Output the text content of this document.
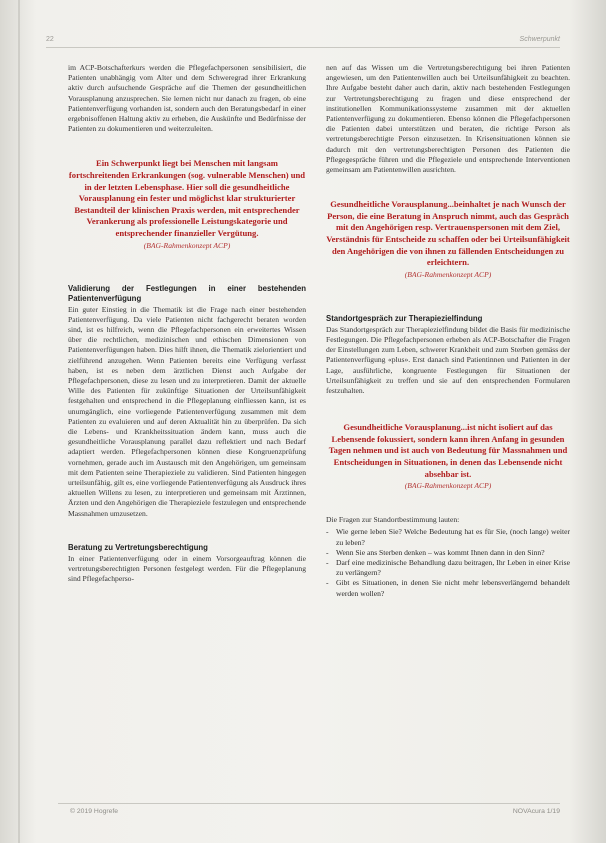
22	Schwerpunkt

im ACP-Botschafterkurs werden die Pflegefachpersonen sensibilisiert, die Patienten unabhängig vom Alter und dem Schweregrad ihrer Erkrankung aktiv durch aufsuchende Gespräche auf die Themen der gesundheitlichen Vorausplanung anzusprechen. Sie lernen nicht nur danach zu fragen, ob eine Patientenverfügung vorhanden ist, sondern auch den Beratungsbedarf in einer ergebnisoffenen Haltung aktiv zu erheben, die Auskünfte und Bedürfnisse der Patienten zu dokumentieren und weiterzuleiten.

Ein Schwerpunkt liegt bei Menschen mit langsam fortschreitenden Erkrankungen (sog. vulnerable Menschen) und in der letzten Lebensphase. Hier soll die gesundheitliche Vorausplanung ein fester und möglichst klar strukturierter Bestandteil der klinischen Praxis werden, mit entsprechender Verankerung als professionelle Leistungskategorie und entsprechender finanzieller Vergütung.
(BAG-Rahmenkonzept ACP)

Validierung der Festlegungen in einer bestehenden Patientenverfügung

Ein guter Einstieg in die Thematik ist die Frage nach einer bestehenden Patientenverfügung. Da viele Patienten nicht fachgerecht beraten worden sind, ist es hilfreich, wenn die Pflegefachpersonen ein erweitertes Wissen über die rechtlichen, medizinischen und ethischen Dimensionen von Patientenverfügungen haben. Dies hilft ihnen, die Thematik zielorientiert und zielführend anzugehen. Wenn Patienten bereits eine Verfügung verfasst haben, ist es neben dem ärztlichen Dienst auch Aufgabe der Pflegefachpersonen, diese zu lesen und zu interpretieren. Damit der aktuelle Wille des Patienten für zukünftige Situationen der Urteilsunfähigkeit festgehalten und entsprechend in die Pflegeplanung einfliessen kann, ist es unumgänglich, eine vorliegende Patientenverfügung zusammen mit dem Patienten zu evaluieren und auf deren Aktualität hin zu überprüfen. Da sich die Lebens- und Krankheitssituation ändern kann, muss auch die gesundheitliche Vorausplanung parallel dazu reflektiert und nach Bedarf adaptiert werden. Pflegefachpersonen können diese Kongruenzprüfung vornehmen, gerade auch im Austausch mit den Angehörigen, um gemeinsam mit dem Patienten seine Therapieziele zu validieren. Sind Patienten hingegen urteilsunfähig, gilt es, eine vorliegende Patientenverfügung als Ausdruck ihres aktuellen Willens zu lesen, zu interpretieren und gemeinsam mit Ärztinnen, Ärzten und den Angehörigen die Therapieziele festzulegen und entsprechende Massnahmen umzusetzen.

Beratung zu Vertretungsberechtigung

In einer Patientenverfügung oder in einem Vorsorgeauftrag können die vertretungsberechtigten Personen festgelegt werden. Für die Pflegeplanung sind Pflegefachperso-

nen auf das Wissen um die Vertretungsberechtigung bei ihren Patienten angewiesen, um den Patientenwillen auch bei Urteilsunfähigkeit zu beachten. Ihre Aufgabe besteht daher auch darin, aktiv nach bestehenden Festlegungen zur Vertretungsberechtigung zu fragen und diese entsprechend der institutionellen Kommunikationssysteme zusammen mit der aktuellen Patientenverfügung zu dokumentieren. Ebenso können die Pflegefachpersonen die Patienten dabei unterstützen und beraten, die richtige Person als vertretungsberechtigte Person einzusetzen. In Krisensituationen können sie dadurch mit den vertretungsberechtigten Personen des Patienten die Pflegegespräche führen und die Pflegeziele und entsprechende Interventionen gemeinsam am Patientenwillen ausrichten.

Gesundheitliche Vorausplanung...beinhaltet je nach Wunsch der Person, die eine Beratung in Anspruch nimmt, auch das Gespräch mit den Angehörigen resp. Vertrauenspersonen mit dem Ziel, Verständnis für Entscheide zu schaffen oder bei Urteilsunfähigkeit den Angehörigen die von ihnen zu fällenden Entscheidungen zu erleichtern.
(BAG-Rahmenkonzept ACP)

Standortgespräch zur Therapiezielfindung

Das Standortgespräch zur Therapiezielfindung bildet die Basis für medizinische Festlegungen. Die Pflegefachpersonen erheben als ACP-Botschafter die Fragen der Einstellungen zum Leben, schwerer Krankheit und zum Sterben gemäss der Patientenverfügung «plus». Erst danach sind Patientinnen und Patienten in der Lage, ausführliche, kongruente Festlegungen für Situationen der Urteilsunfähigkeit zu treffen und sie auf den entsprechenden Formularen festzuhalten.

Gesundheitliche Vorausplanung...ist nicht isoliert auf das Lebensende fokussiert, sondern kann ihren Anfang in gesunden Tagen nehmen und ist auch von Bedeutung für Massnahmen und Entscheidungen in Situationen, in denen das Lebensende nicht absehbar ist.
(BAG-Rahmenkonzept ACP)

Die Fragen zur Standortbestimmung lauten:

- Wie gerne leben Sie? Welche Bedeutung hat es für Sie, (noch lange) weiter zu leben?
- Wenn Sie ans Sterben denken – was kommt Ihnen dann in den Sinn?
- Darf eine medizinische Behandlung dazu beitragen, Ihr Leben in einer Krise zu verlängern?
- Gibt es Situationen, in denen Sie nicht mehr lebensverlängernd behandelt werden wollen?
© 2019 Hogrefe	NOVAcura 1/19
